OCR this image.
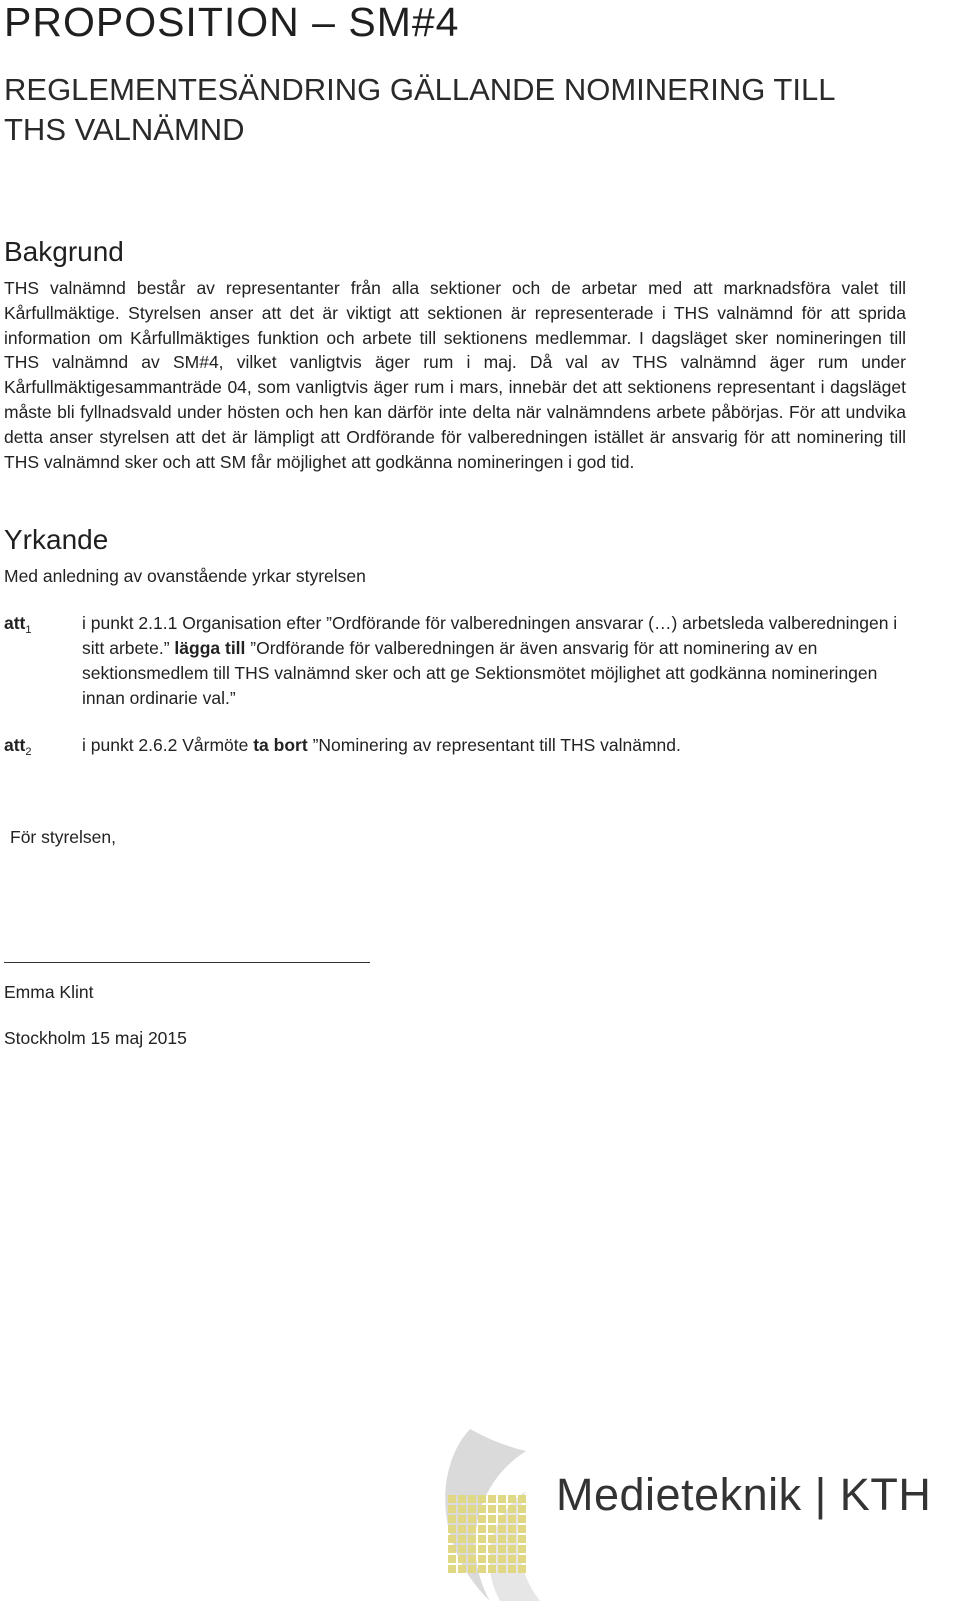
PROPOSITION – SM#4
REGLEMENTESÄNDRING GÄLLANDE NOMINERING TILL THS VALNÄMND
Bakgrund

THS valnämnd består av representanter från alla sektioner och de arbetar med att marknadsföra valet till Kårfullmäktige. Styrelsen anser att det är viktigt att sektionen är representerade i THS valnämnd för att sprida information om Kårfullmäktiges funktion och arbete till sektionens medlemmar. I dagsläget sker nomineringen till THS valnämnd av SM#4, vilket vanligtvis äger rum i maj. Då val av THS valnämnd äger rum under Kårfullmäktigesammanträde 04, som vanligtvis äger rum i mars, innebär det att sektionens representant i dagsläget måste bli fyllnadsvald under hösten och hen kan därför inte delta när valnämndens arbete påbörjas. För att undvika detta anser styrelsen att det är lämpligt att Ordförande för valberedningen istället är ansvarig för att nominering till THS valnämnd sker och att SM får möjlighet att godkänna nomineringen i god tid.

Yrkande

Med anledning av ovanstående yrkar styrelsen

att$_1$	i punkt 2.1.1 Organisation efter ”Ordförande för valberedningen ansvarar (…) arbetsleda valberedningen i sitt arbete.” lägga till ”Ordförande för valberedningen är även ansvarig för att nominering av en sektionsmedlem till THS valnämnd sker och att ge Sektionsmötet möjlighet att godkänna nomineringen innan ordinarie val.”

att$_2$	i punkt 2.6.2 Vårmöte ta bort ”Nominering av representant till THS valnämnd.

För styrelsen,

Emma Klint

Stockholm 15 maj 2015

Medieteknik | KTH
